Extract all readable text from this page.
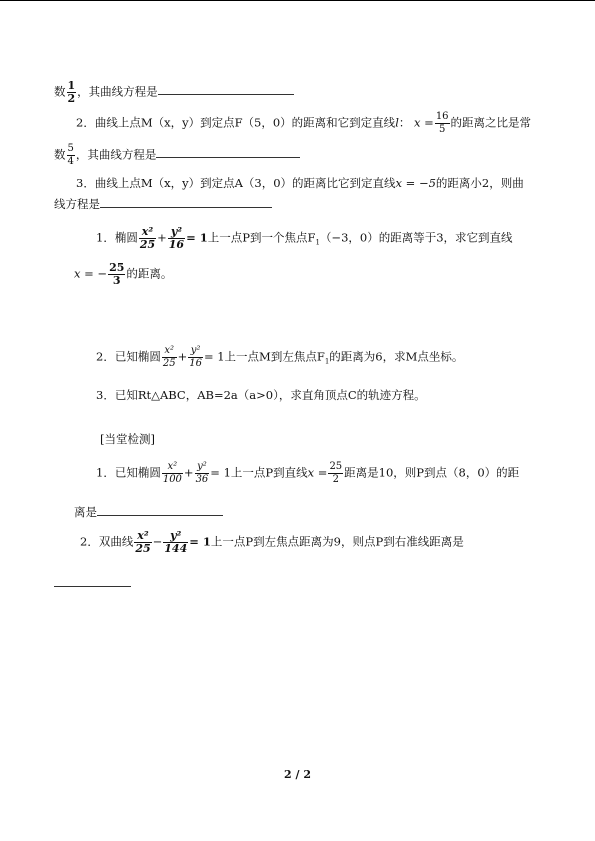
数 $\frac{1}{2}$ ，其曲线方程是
2．曲线上点M（x，y）到定点F（5，0）的距离和它到定直线l： $x = \frac{16}{5}$ 的距离之比是常
数 $\frac{5}{4}$ ，其曲线方程是
3．曲线上点M（x，y）到定点A（3，0）的距离比它到定直线x = −5的距离小2，则曲
线方程是
1．椭圆 $\frac{\text{x²}}{25} + \frac{\text{y²}}{16} = 1$上一点P到一个焦点$F_1(-3$，0）的距离等于3，求它到直线
x = − $\frac{25}{3}$ 的距离。
2．已知椭圆 $\frac{\text{x²}}{25} + \frac{\text{y²}}{16} = 1$上一点M到左焦点$F_1$的距离为6，求M点坐标。
3．已知Rt△ABC，AB=2a（a>0），求直角顶点C的轨迹方程。
[当堂检测]
1．已知椭圆 $\frac{\text{x²}}{100} + \frac{\text{y²}}{36} = 1$上一点P到直线$x = \frac{25}{2}$ 距离是10，则P到点（8，0）的距
离是
2．双曲线 $\frac{\text{x²}}{25} - \frac{\text{y²}}{144} = 1$上一点P到左焦点距离为9，则点P到右准线距离是
2 / 2
